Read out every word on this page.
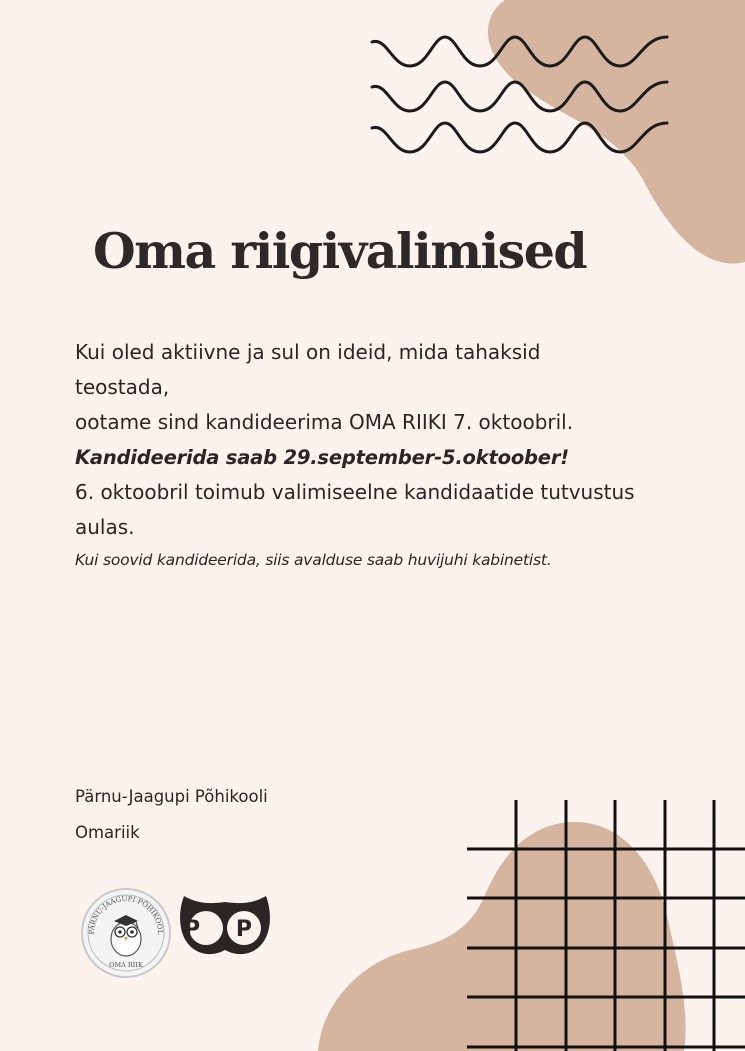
Oma riigivalimised

Kui oled aktiivne ja sul on ideid, mida tahaksid teostada,

ootame sind kandideerima OMA RIIKI 7. oktoobril.

Kandideerida saab 29.september-5.oktoober!

6. oktoobril toimub valimiseelne kandidaatide tutvustus aulas.

Kui soovid kandideerida, siis avalduse saab huvijuhi kabinetist.

Pärnu-Jaagupi Põhikooli
Omariik
PÄRNU-JAAGUPI PÕHIKOOL
OMA RIIK
P P
